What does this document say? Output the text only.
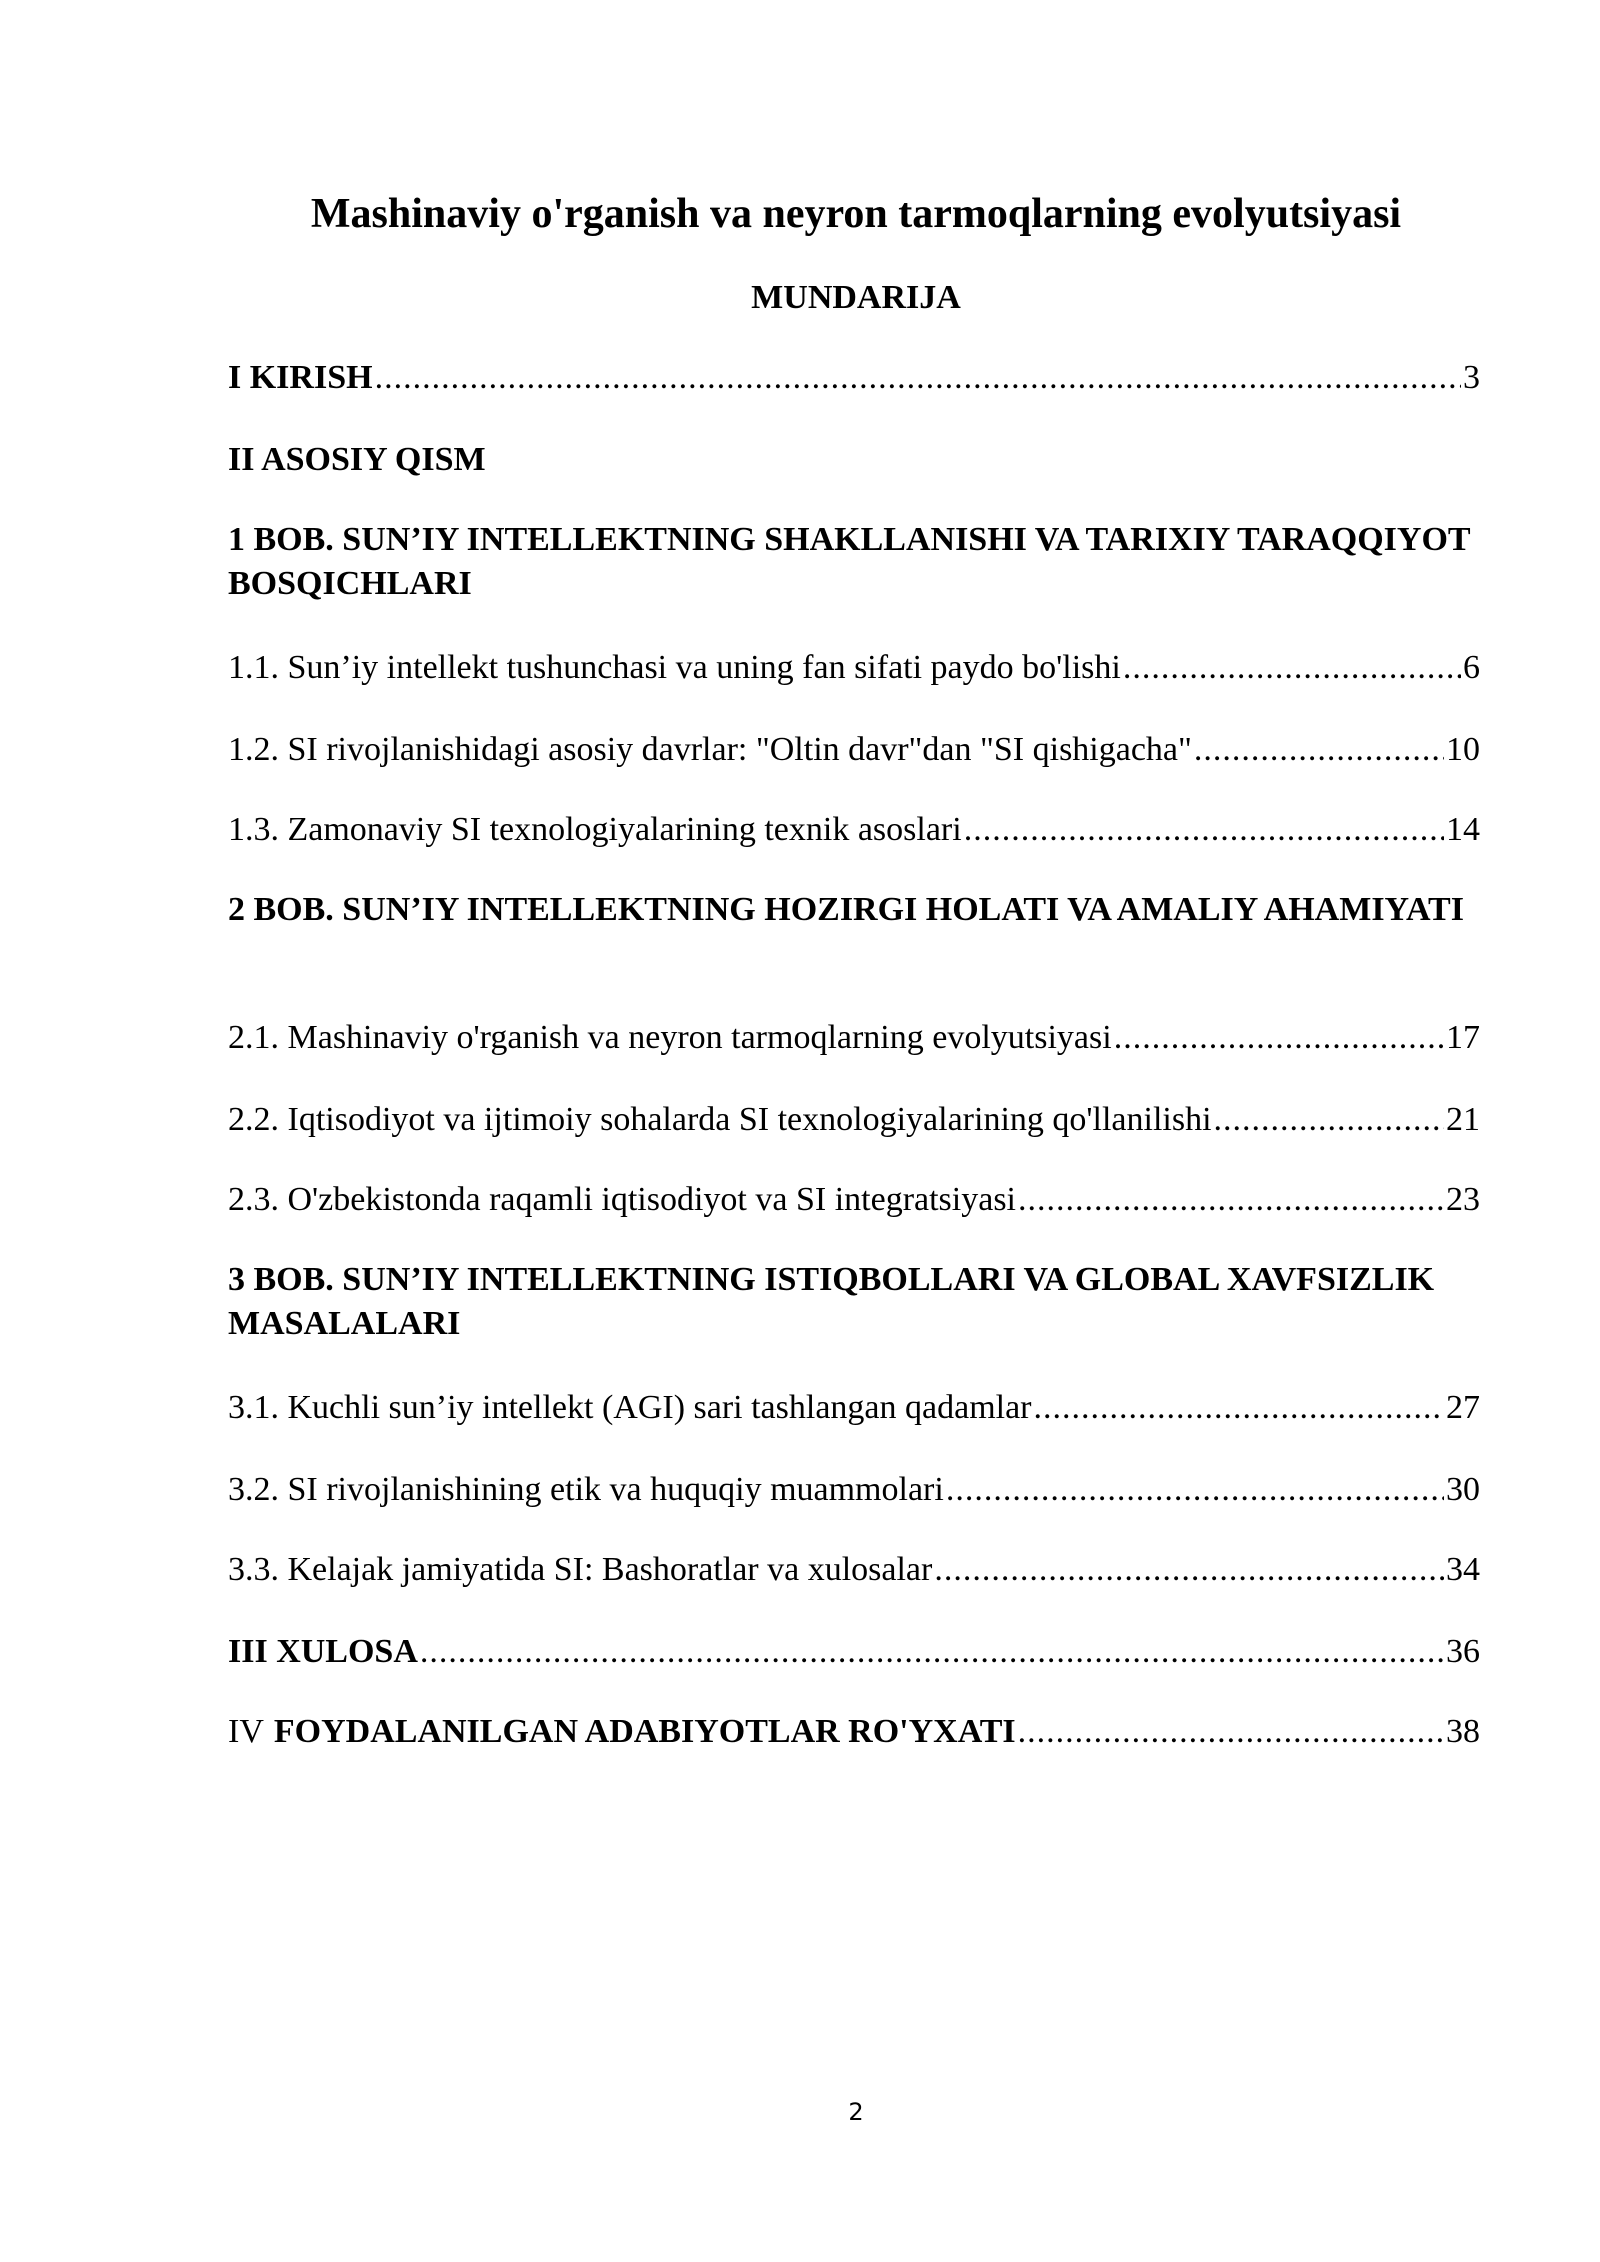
Mashinaviy o'rganish va neyron tarmoqlarning evolyutsiyasi
MUNDARIJA
I KIRISH .....	3
II ASOSIY QISM
1 BOB. SUN’IY INTELLEKTNING SHAKLLANISHI VA TARIXIY TARAQQIYOT BOSQICHLARI
1.1. Sun’iy intellekt tushunchasi va uning fan sifati paydo bo'lishi .....	6
1.2. SI rivojlanishidagi asosiy davrlar: "Oltin davr"dan "SI qishigacha" .....	10
1.3. Zamonaviy SI texnologiyalarining texnik asoslari .....	14
2 BOB. SUN’IY INTELLEKTNING HOZIRGI HOLATI VA AMALIY AHAMIYATI
2.1. Mashinaviy o'rganish va neyron tarmoqlarning evolyutsiyasi .....	17
2.2. Iqtisodiyot va ijtimoiy sohalarda SI texnologiyalarining qo'llanilishi .....	21
2.3. O'zbekistonda raqamli iqtisodiyot va SI integratsiyasi .....	23
3 BOB. SUN’IY INTELLEKTNING ISTIQBOLLARI VA GLOBAL XAVFSIZLIK MASALALARI
3.1. Kuchli sun’iy intellekt (AGI) sari tashlangan qadamlar .....	27
3.2. SI rivojlanishining etik va huquqiy muammolari .....	30
3.3. Kelajak jamiyatida SI: Bashoratlar va xulosalar .....	34
III XULOSA .....	36
IV FOYDALANILGAN ADABIYOTLAR RO'YXATI .....	38
2
